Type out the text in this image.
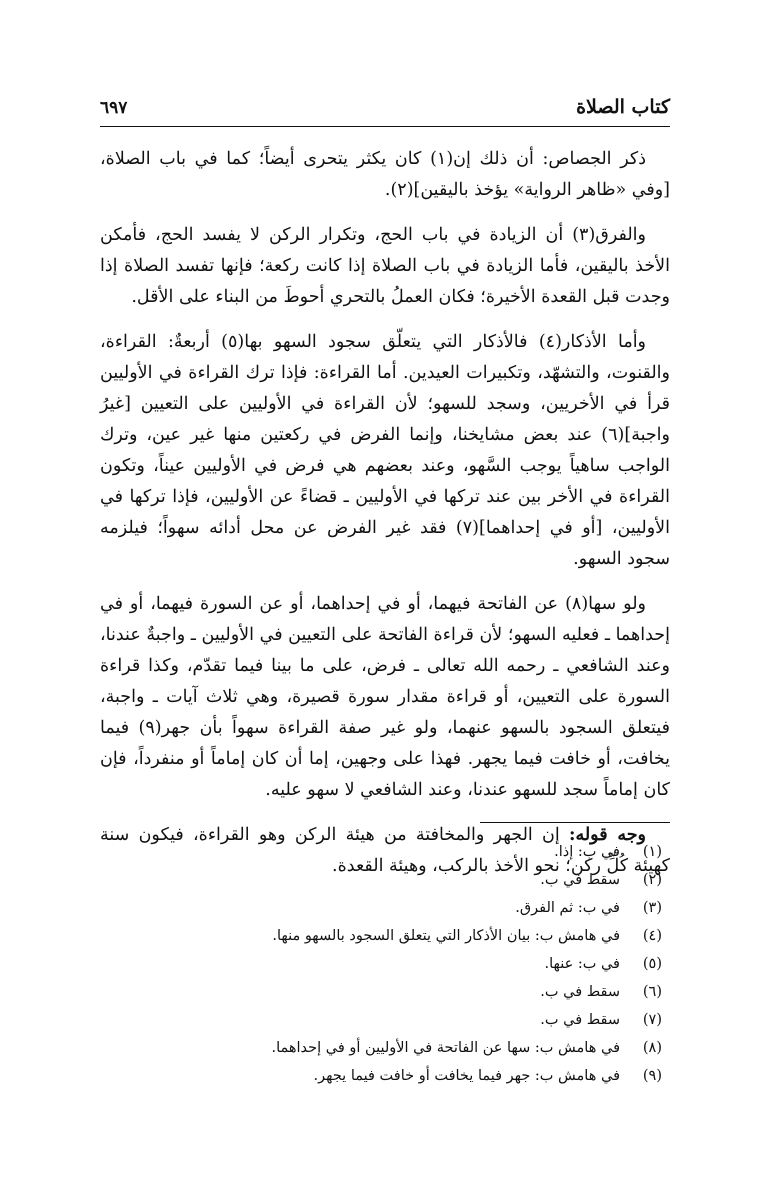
كتاب الصلاة
٦٩٧

ذكر الجصاص: أن ذلك إن(١) كان يكثر يتحرى أيضاً؛ كما في باب الصلاة، [وفي «ظاهر الرواية» يؤخذ باليقين](٢).

والفرق(٣) أن الزيادة في باب الحج، وتكرار الركن لا يفسد الحج، فأمكن الأخذ باليقين، فأما الزيادة في باب الصلاة إذا كانت ركعة؛ فإنها تفسد الصلاة إذا وجدت قبل القعدة الأخيرة؛ فكان العملُ بالتحري أحوطَ من البناء على الأقل.

وأما الأذكار(٤) فالأذكار التي يتعلّق سجود السهو بها(٥) أربعةٌ: القراءة، والقنوت، والتشهّد، وتكبيرات العيدين. أما القراءة: فإذا ترك القراءة في الأوليين قرأ في الأخريين، وسجد للسهو؛ لأن القراءة في الأوليين على التعيين [غيرُ واجبة](٦) عند بعض مشايخنا، وإنما الفرض في ركعتين منها غير عين، وترك الواجب ساهياً يوجب السَّهو، وعند بعضهم هي فرض في الأوليين عيناً، وتكون القراءة في الأخر بين عند تركها في الأوليين ـ قضاءً عن الأوليين، فإذا تركها في الأوليين، [أو في إحداهما](٧) فقد غير الفرض عن محل أدائه سهواً؛ فيلزمه سجود السهو.

ولو سها(٨) عن الفاتحة فيهما، أو في إحداهما، أو عن السورة فيهما، أو في إحداهما ـ فعليه السهو؛ لأن قراءة الفاتحة على التعيين في الأوليين ـ واجبةٌ عندنا، وعند الشافعي ـ رحمه الله تعالى ـ فرض، على ما بينا فيما تقدّم، وكذا قراءة السورة على التعيين، أو قراءة مقدار سورة قصيرة، وهي ثلاث آيات ـ واجبة، فيتعلق السجود بالسهو عنهما، ولو غير صفة القراءة سهواً بأن جهر(٩) فيما يخافت، أو خافت فيما يجهر. فهذا على وجهين، إما أن كان إماماً أو منفرداً، فإن كان إماماً سجد للسهو عندنا، وعند الشافعي لا سهو عليه.

وجه قوله: إن الجهر والمخافتة من هيئة الركن وهو القراءة، فيكون سنة كهيئة كُلِّ ركن؛ نحو الأخذ بالركب، وهيئة القعدة.

(١)
في ب: إذا.
(٢)
سقط في ب.
(٣)
في ب: ثم الفرق.
(٤)
في هامش ب: بيان الأذكار التي يتعلق السجود بالسهو منها.
(٥)
في ب: عنها.
(٦)
سقط في ب.
(٧)
سقط في ب.
(٨)
في هامش ب: سها عن الفاتحة في الأوليين أو في إحداهما.
(٩)
في هامش ب: جهر فيما يخافت أو خافت فيما يجهر.
